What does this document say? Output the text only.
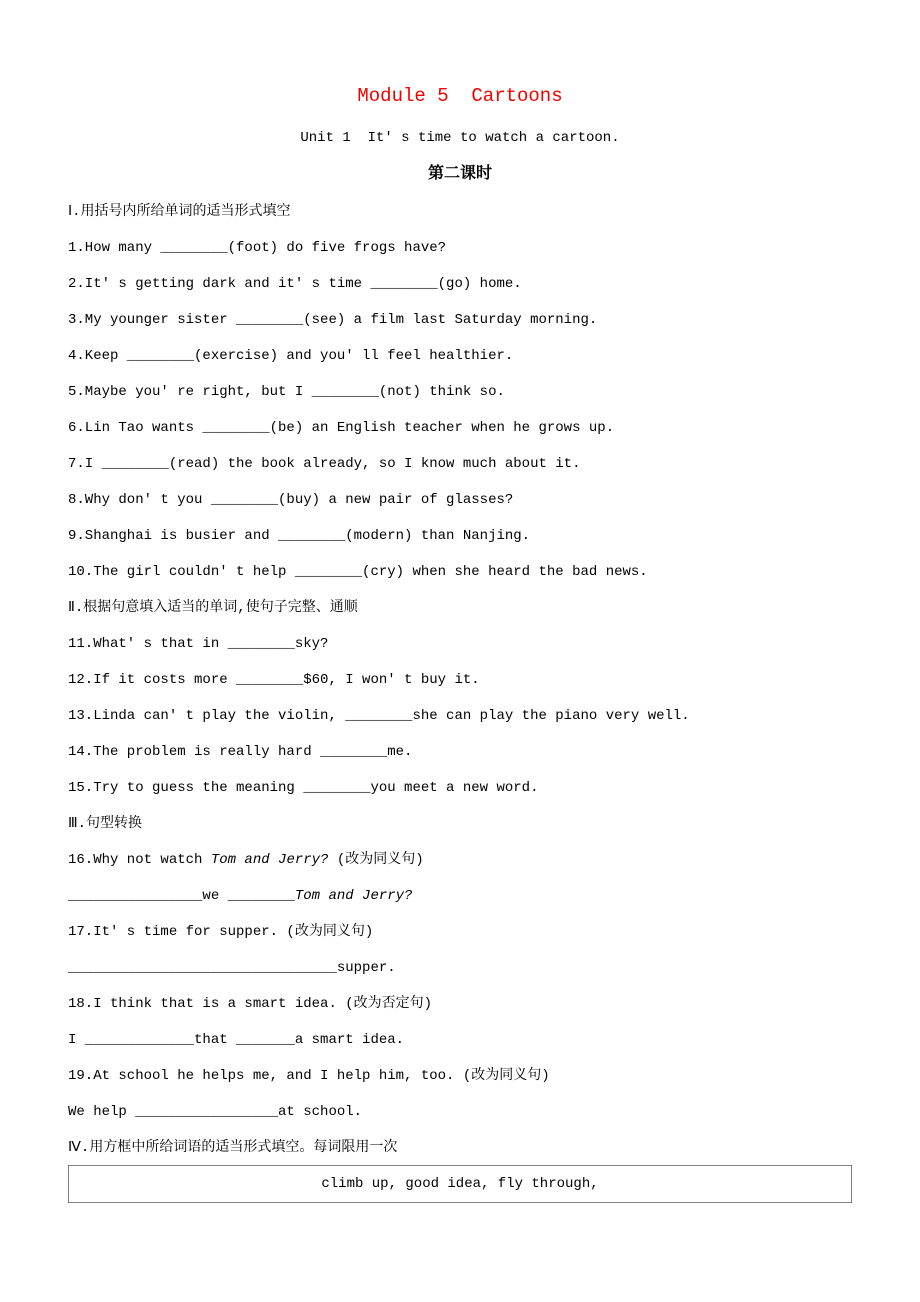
Module 5  Cartoons
Unit 1  It' s time to watch a cartoon.
第二课时

Ⅰ.用括号内所给单词的适当形式填空

1.How many ________(foot) do five frogs have?

2.It' s getting dark and it' s time ________(go) home.

3.My younger sister ________(see) a film last Saturday morning.

4.Keep ________(exercise) and you' ll feel healthier.

5.Maybe you' re right, but I ________(not) think so.

6.Lin Tao wants ________(be) an English teacher when he grows up.

7.I ________(read) the book already, so I know much about it.

8.Why don' t you ________(buy) a new pair of glasses?

9.Shanghai is busier and ________(modern) than Nanjing.

10.The girl couldn' t help ________(cry) when she heard the bad news.

Ⅱ.根据句意填入适当的单词,使句子完整、通顺

11.What' s that in ________sky?

12.If it costs more ________$60, I won' t buy it.

13.Linda can' t play the violin, ________she can play the piano very well.

14.The problem is really hard ________me.

15.Try to guess the meaning ________you meet a new word.

Ⅲ.句型转换

16.Why not watch Tom and Jerry? (改为同义句)

________________we ________Tom and Jerry?

17.It' s time for supper. (改为同义句)

________________________________supper.

18.I think that is a smart idea. (改为否定句)

I _____________that _______a smart idea.

19.At school he helps me, and I help him, too. (改为同义句)

We help _________________at school.

Ⅳ.用方框中所给词语的适当形式填空。每词限用一次

climb up, good idea, fly through,
